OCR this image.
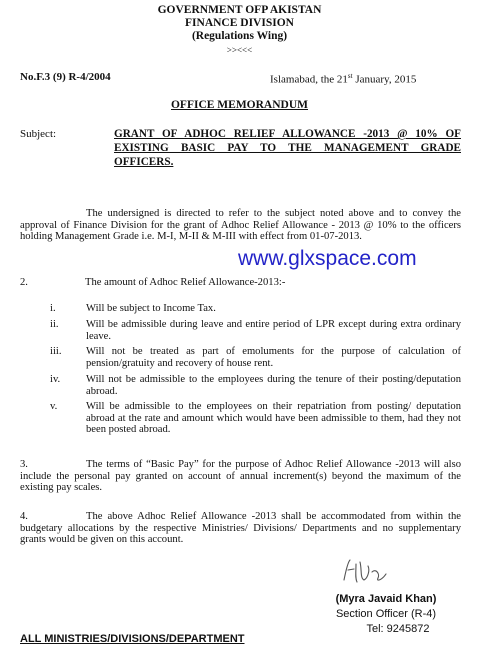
GOVERNMENT OFP AKISTAN
FINANCE DIVISION
(Regulations Wing)
>><<<
No.F.3 (9) R-4/2004	Islamabad, the 21st January, 2015
OFFICE MEMORANDUM
Subject:	GRANT OF ADHOC RELIEF ALLOWANCE -2013 @ 10% OF EXISTING BASIC PAY TO THE MANAGEMENT GRADE OFFICERS.
The undersigned is directed to refer to the subject noted above and to convey the approval of Finance Division for the grant of Adhoc Relief Allowance - 2013 @ 10% to the officers holding Management Grade i.e. M-I, M-II & M-III with effect from 01-07-2013.
www.glxspace.com
2.	The amount of Adhoc Relief Allowance-2013:-
i.	Will be subject to Income Tax.
ii.	Will be admissible during leave and entire period of LPR except during extra ordinary leave.
iii. Will not be treated as part of emoluments for the purpose of calculation of pension/gratuity and recovery of house rent.
iv. Will not be admissible to the employees during the tenure of their posting/deputation abroad.
v.	Will be admissible to the employees on their repatriation from posting/ deputation abroad at the rate and amount which would have been admissible to them, had they not been posted abroad.
3.	The terms of “Basic Pay” for the purpose of Adhoc Relief Allowance -2013 will also include the personal pay granted on account of annual increment(s) beyond the maximum of the existing pay scales.
4.	The above Adhoc Relief Allowance -2013 shall be accommodated from within the budgetary allocations by the respective Ministries/ Divisions/ Departments and no supplementary grants would be given on this account.
(Myra Javaid Khan)
Section Officer (R-4)
Tel: 9245872
ALL MINISTRIES/DIVISIONS/DEPARTMENT
